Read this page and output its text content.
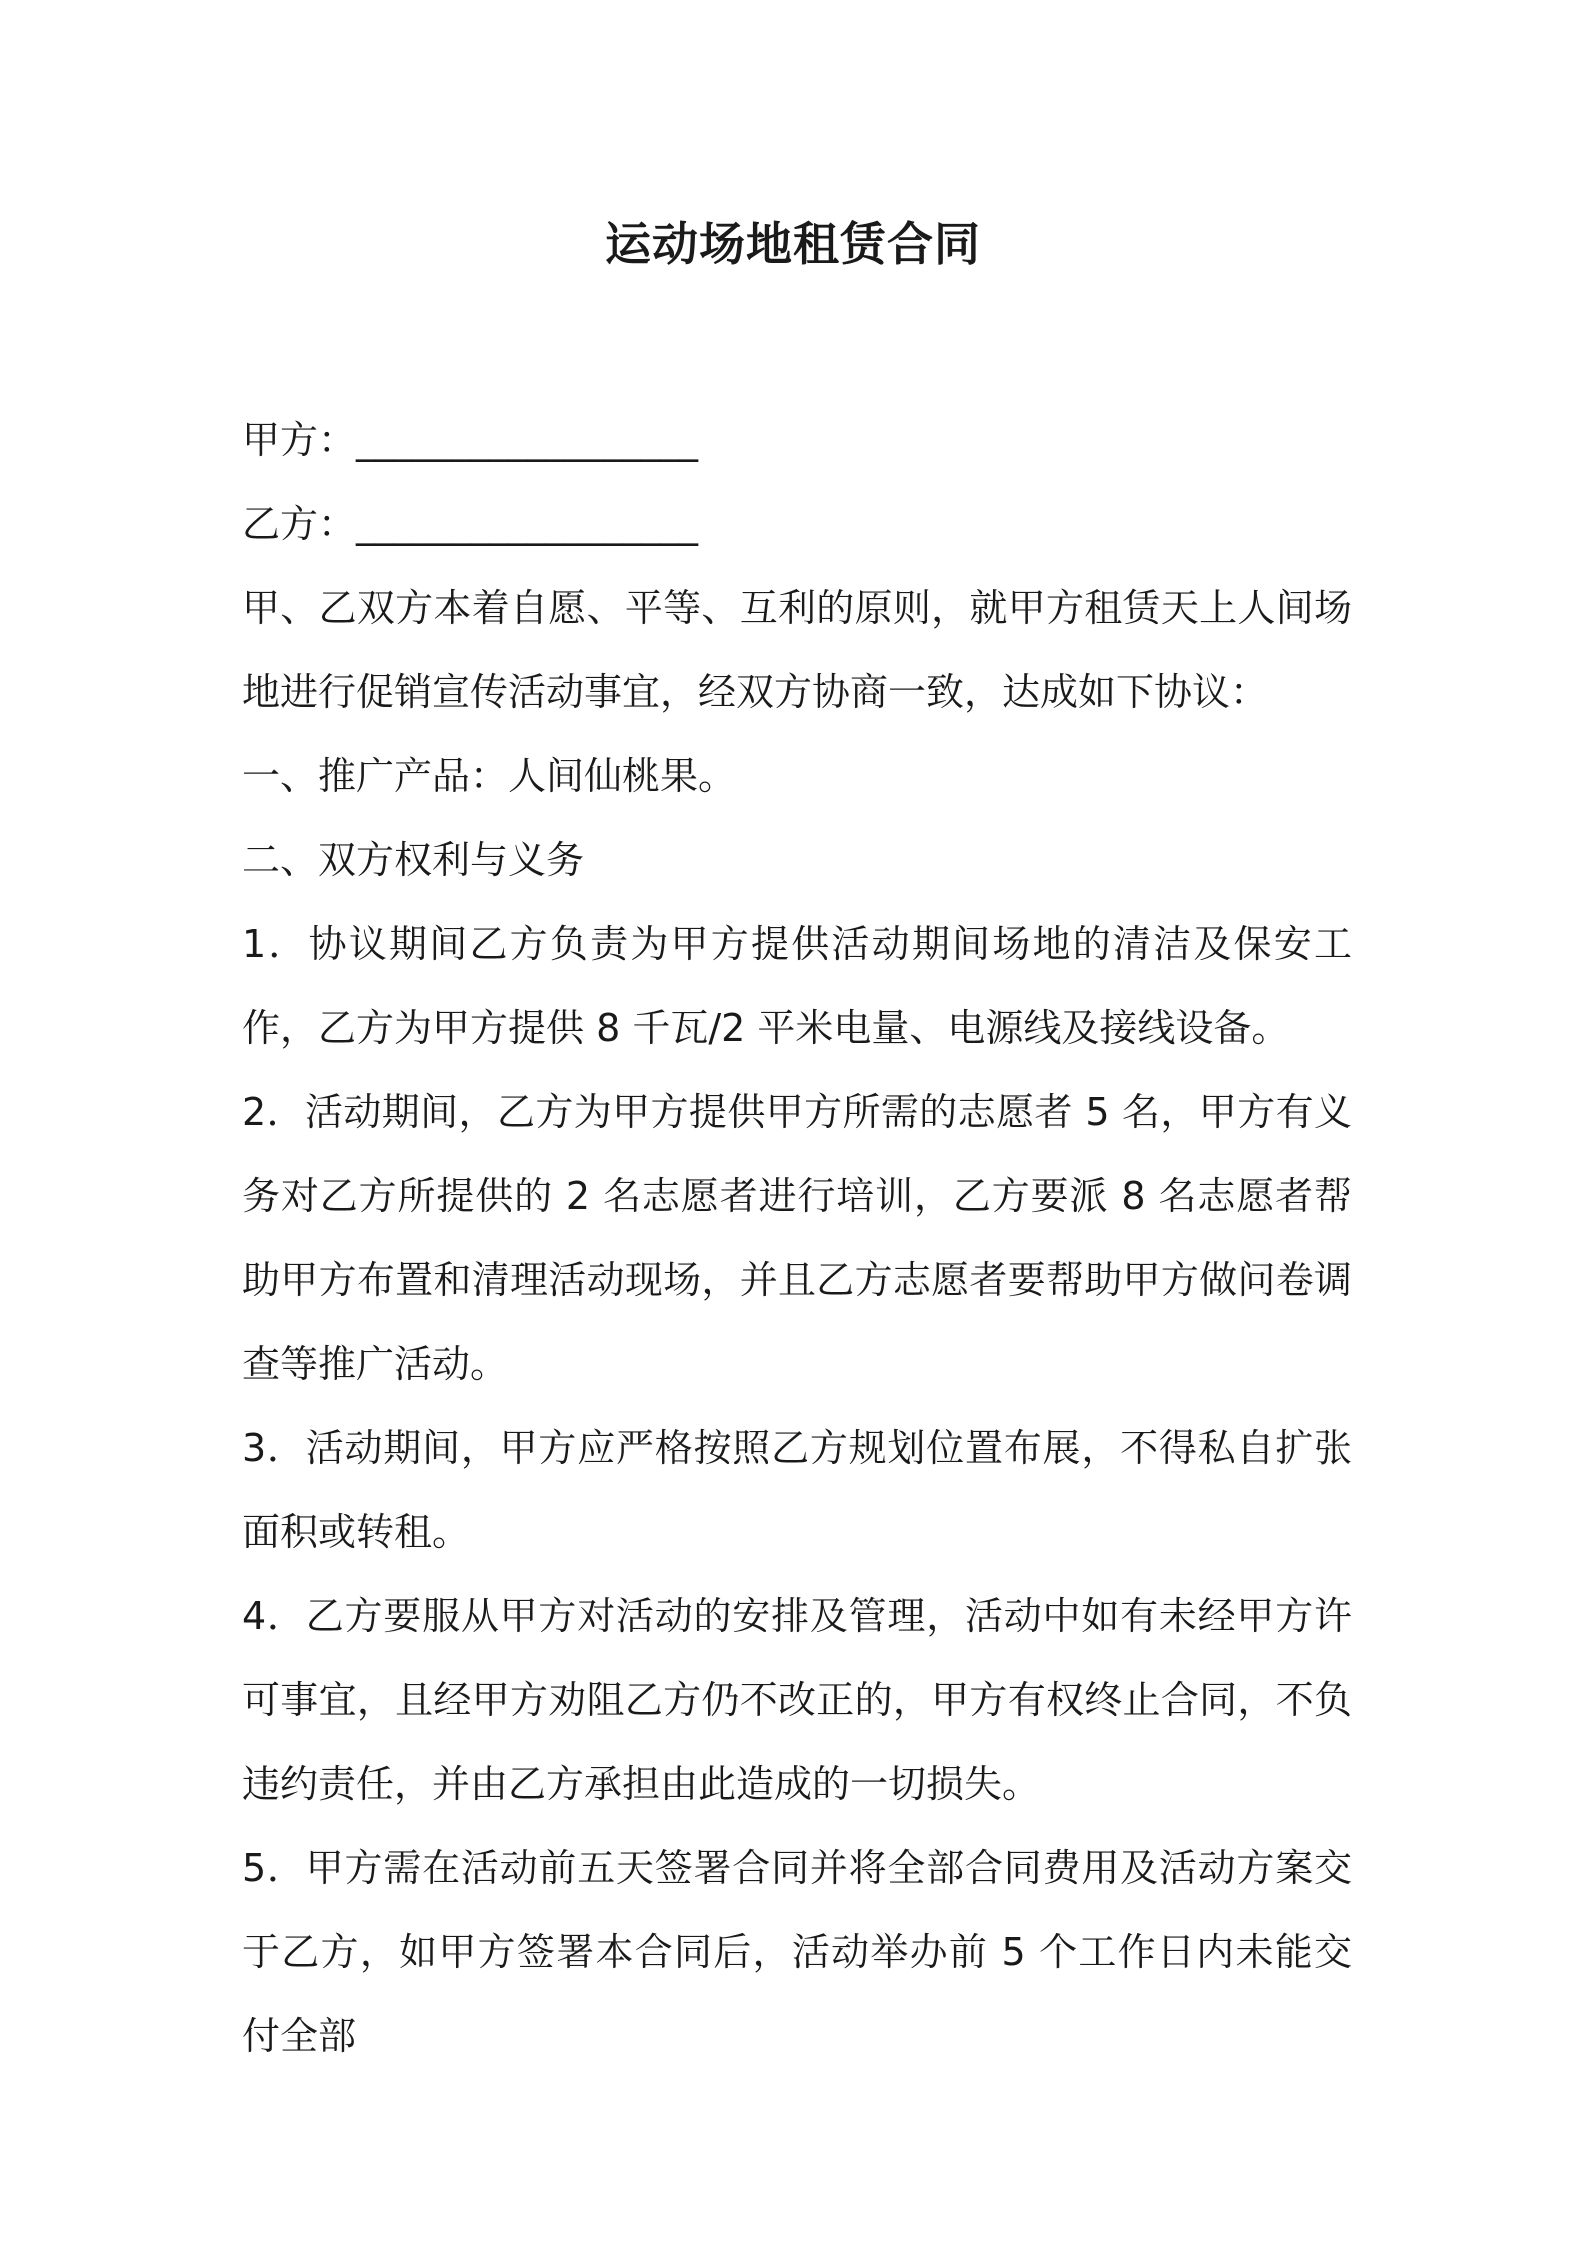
运动场地租赁合同
甲方：__________________
乙方：__________________

甲、乙双方本着自愿、平等、互利的原则，就甲方租赁天上人间场地进行促销宣传活动事宜，经双方协商一致，达成如下协议：

一、推广产品：人间仙桃果。

二、双方权利与义务

1．协议期间乙方负责为甲方提供活动期间场地的清洁及保安工作，乙方为甲方提供 8 千瓦/2 平米电量、电源线及接线设备。

2．活动期间，乙方为甲方提供甲方所需的志愿者 5 名，甲方有义务对乙方所提供的 2 名志愿者进行培训，乙方要派 8 名志愿者帮助甲方布置和清理活动现场，并且乙方志愿者要帮助甲方做问卷调查等推广活动。

3．活动期间，甲方应严格按照乙方规划位置布展，不得私自扩张面积或转租。

4．乙方要服从甲方对活动的安排及管理，活动中如有未经甲方许可事宜，且经甲方劝阻乙方仍不改正的，甲方有权终止合同，不负违约责任，并由乙方承担由此造成的一切损失。

5．甲方需在活动前五天签署合同并将全部合同费用及活动方案交于乙方，如甲方签署本合同后，活动举办前 5 个工作日内未能交付全部
